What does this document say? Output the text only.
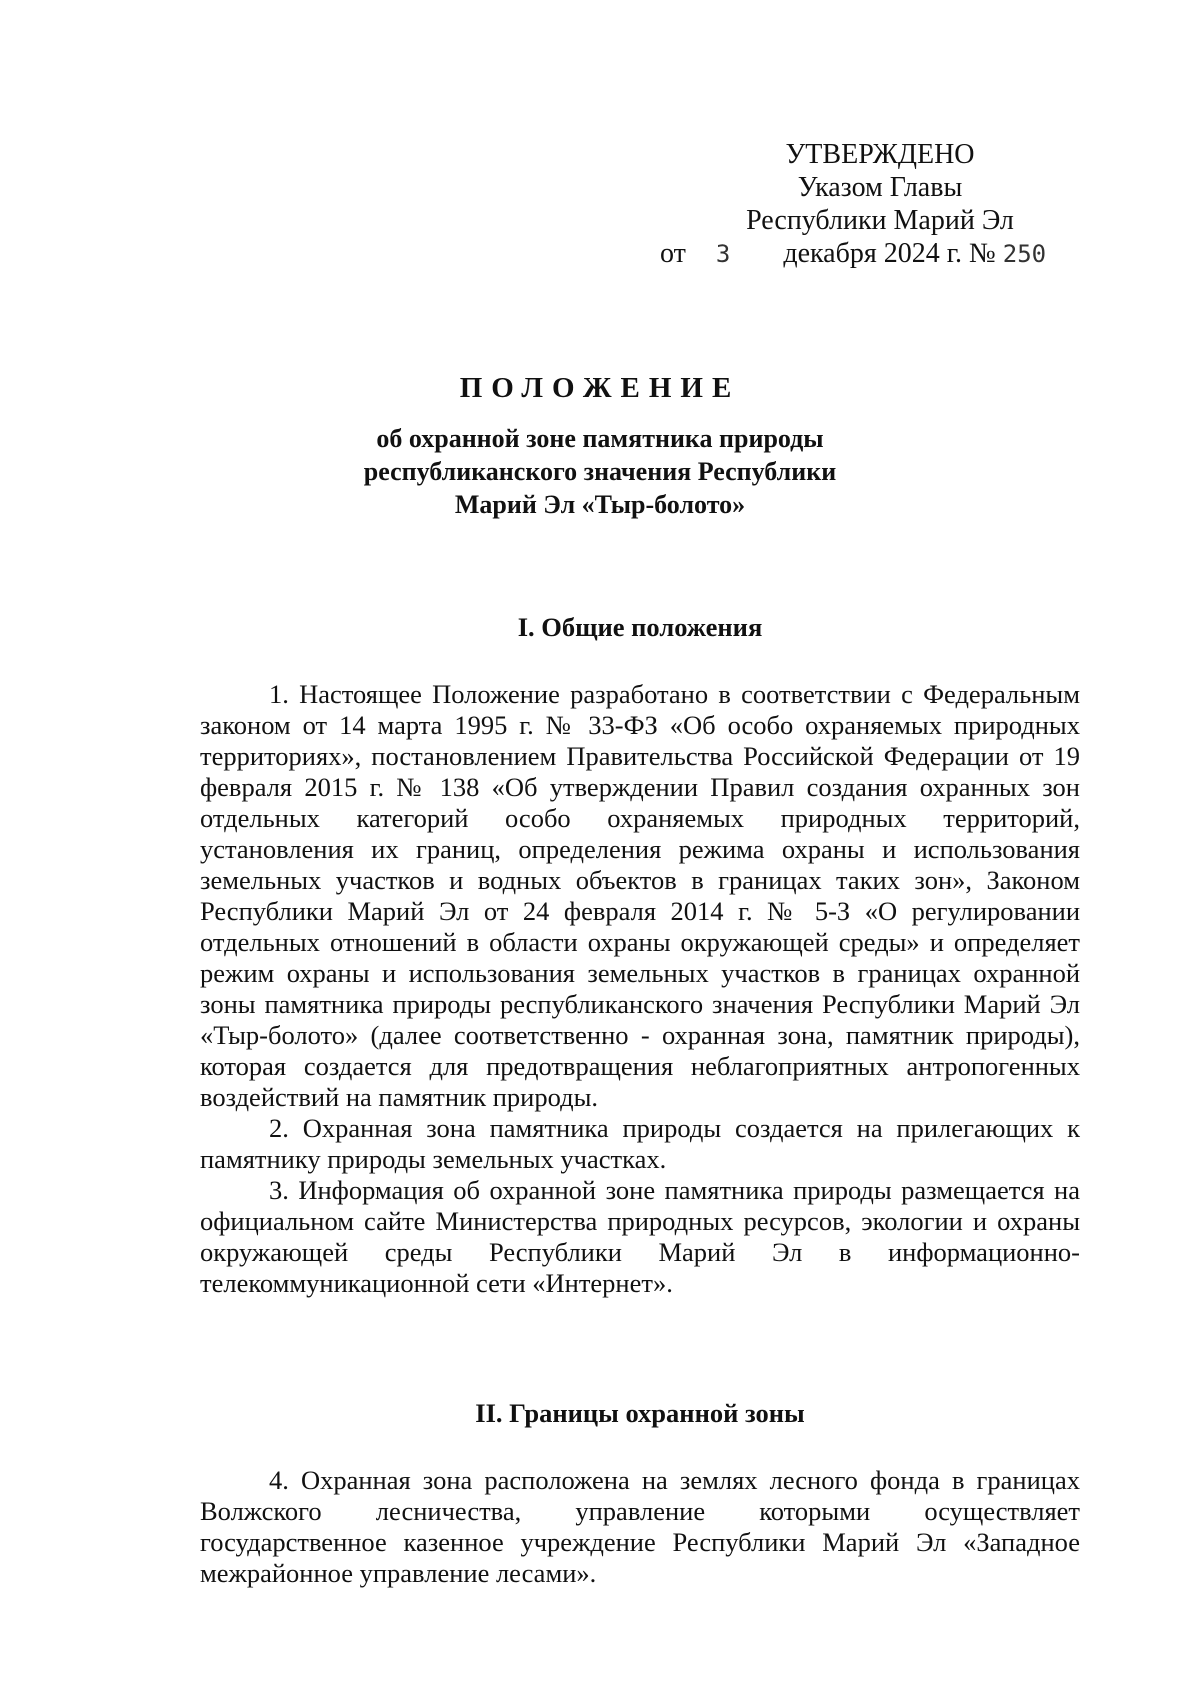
УТВЕРЖДЕНО
Указом Главы
Республики Марий Эл
от 3 декабря 2024 г. № 250
ПОЛОЖЕНИЕ
об охранной зоне памятника природы
республиканского значения Республики
Марий Эл «Тыр-болото»
I. Общие положения

1. Настоящее Положение разработано в соответствии с Федеральным законом от 14 марта 1995 г. № 33-ФЗ «Об особо охраняемых природных территориях», постановлением Правительства Российской Федерации от 19 февраля 2015 г. № 138 «Об утверждении Правил создания охранных зон отдельных категорий особо охраняемых природных территорий, установления их границ, определения режима охраны и использования земельных участков и водных объектов в границах таких зон», Законом Республики Марий Эл от 24 февраля 2014 г. № 5-З «О регулировании отдельных отношений в области охраны окружающей среды» и определяет режим охраны и использования земельных участков в границах охранной зоны памятника природы республиканского значения Республики Марий Эл «Тыр-болото» (далее соответственно - охранная зона, памятник природы), которая создается для предотвращения неблагоприятных антропогенных воздействий на памятник природы.

2. Охранная зона памятника природы создается на прилегающих к памятнику природы земельных участках.

3. Информация об охранной зоне памятника природы размещается на официальном сайте Министерства природных ресурсов, экологии и охраны окружающей среды Республики Марий Эл в информационно-телекоммуникационной сети «Интернет».

II. Границы охранной зоны

4. Охранная зона расположена на землях лесного фонда в границах Волжского лесничества, управление которыми осуществляет государственное казенное учреждение Республики Марий Эл «Западное межрайонное управление лесами».
